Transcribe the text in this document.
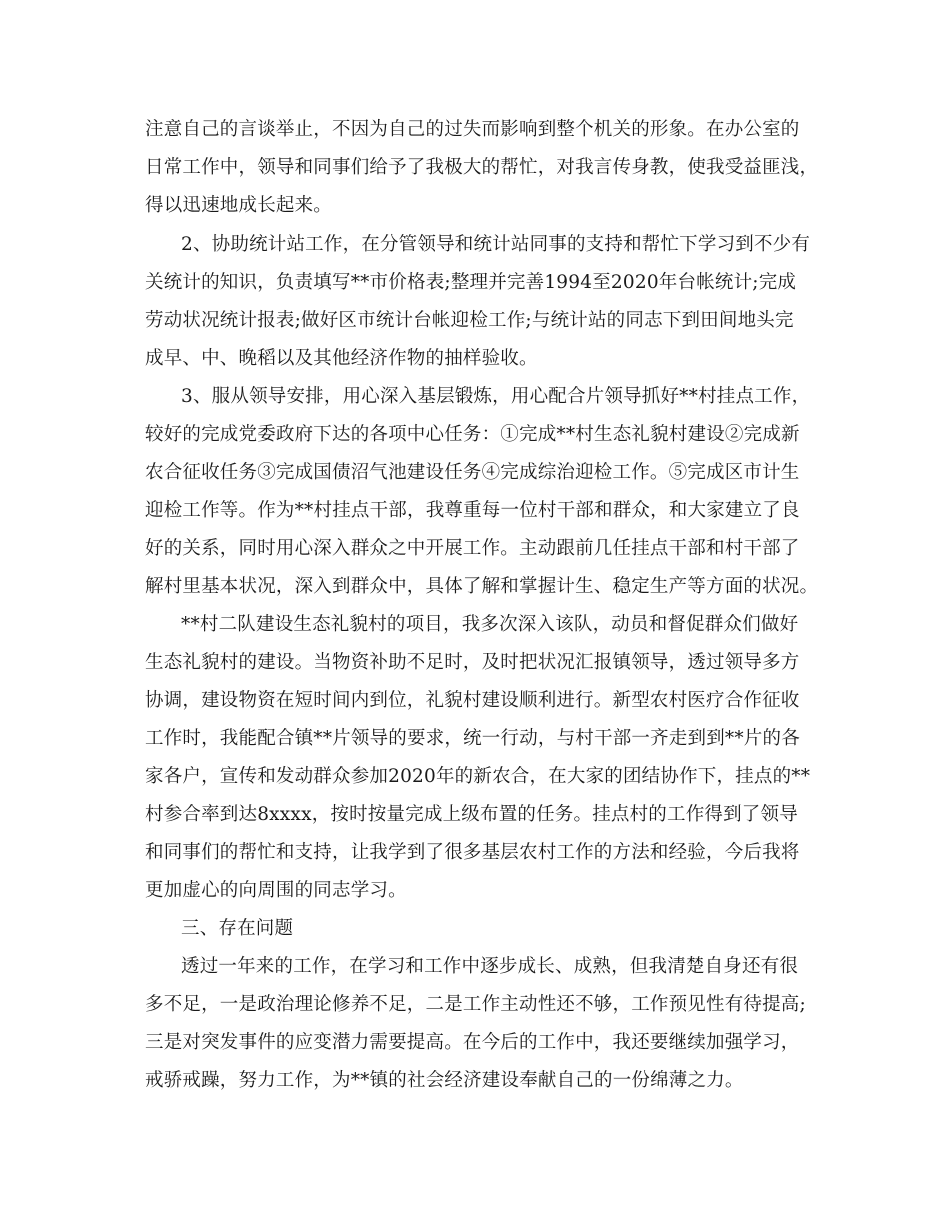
注意自己的言谈举止，不因为自己的过失而影响到整个机关的形象。在办公室的
日常工作中，领导和同事们给予了我极大的帮忙，对我言传身教，使我受益匪浅，
得以迅速地成长起来。
2、协助统计站工作，在分管领导和统计站同事的支持和帮忙下学习到不少有
关统计的知识，负责填写**市价格表;整理并完善1994至2020年台帐统计;完成
劳动状况统计报表;做好区市统计台帐迎检工作;与统计站的同志下到田间地头完
成早、中、晚稻以及其他经济作物的抽样验收。
3、服从领导安排，用心深入基层锻炼，用心配合片领导抓好**村挂点工作，
较好的完成党委政府下达的各项中心任务：①完成**村生态礼貌村建设②完成新
农合征收任务③完成国债沼气池建设任务④完成综治迎检工作。⑤完成区市计生
迎检工作等。作为**村挂点干部，我尊重每一位村干部和群众，和大家建立了良
好的关系，同时用心深入群众之中开展工作。主动跟前几任挂点干部和村干部了
解村里基本状况，深入到群众中，具体了解和掌握计生、稳定生产等方面的状况。
**村二队建设生态礼貌村的项目，我多次深入该队，动员和督促群众们做好
生态礼貌村的建设。当物资补助不足时，及时把状况汇报镇领导，透过领导多方
协调，建设物资在短时间内到位，礼貌村建设顺利进行。新型农村医疗合作征收
工作时，我能配合镇**片领导的要求，统一行动，与村干部一齐走到到**片的各
家各户，宣传和发动群众参加2020年的新农合，在大家的团结协作下，挂点的**
村参合率到达8xxxx，按时按量完成上级布置的任务。挂点村的工作得到了领导
和同事们的帮忙和支持，让我学到了很多基层农村工作的方法和经验，今后我将
更加虚心的向周围的同志学习。
三、存在问题
透过一年来的工作，在学习和工作中逐步成长、成熟，但我清楚自身还有很
多不足，一是政治理论修养不足，二是工作主动性还不够，工作预见性有待提高;
三是对突发事件的应变潜力需要提高。在今后的工作中，我还要继续加强学习，
戒骄戒躁，努力工作，为**镇的社会经济建设奉献自己的一份绵薄之力。
